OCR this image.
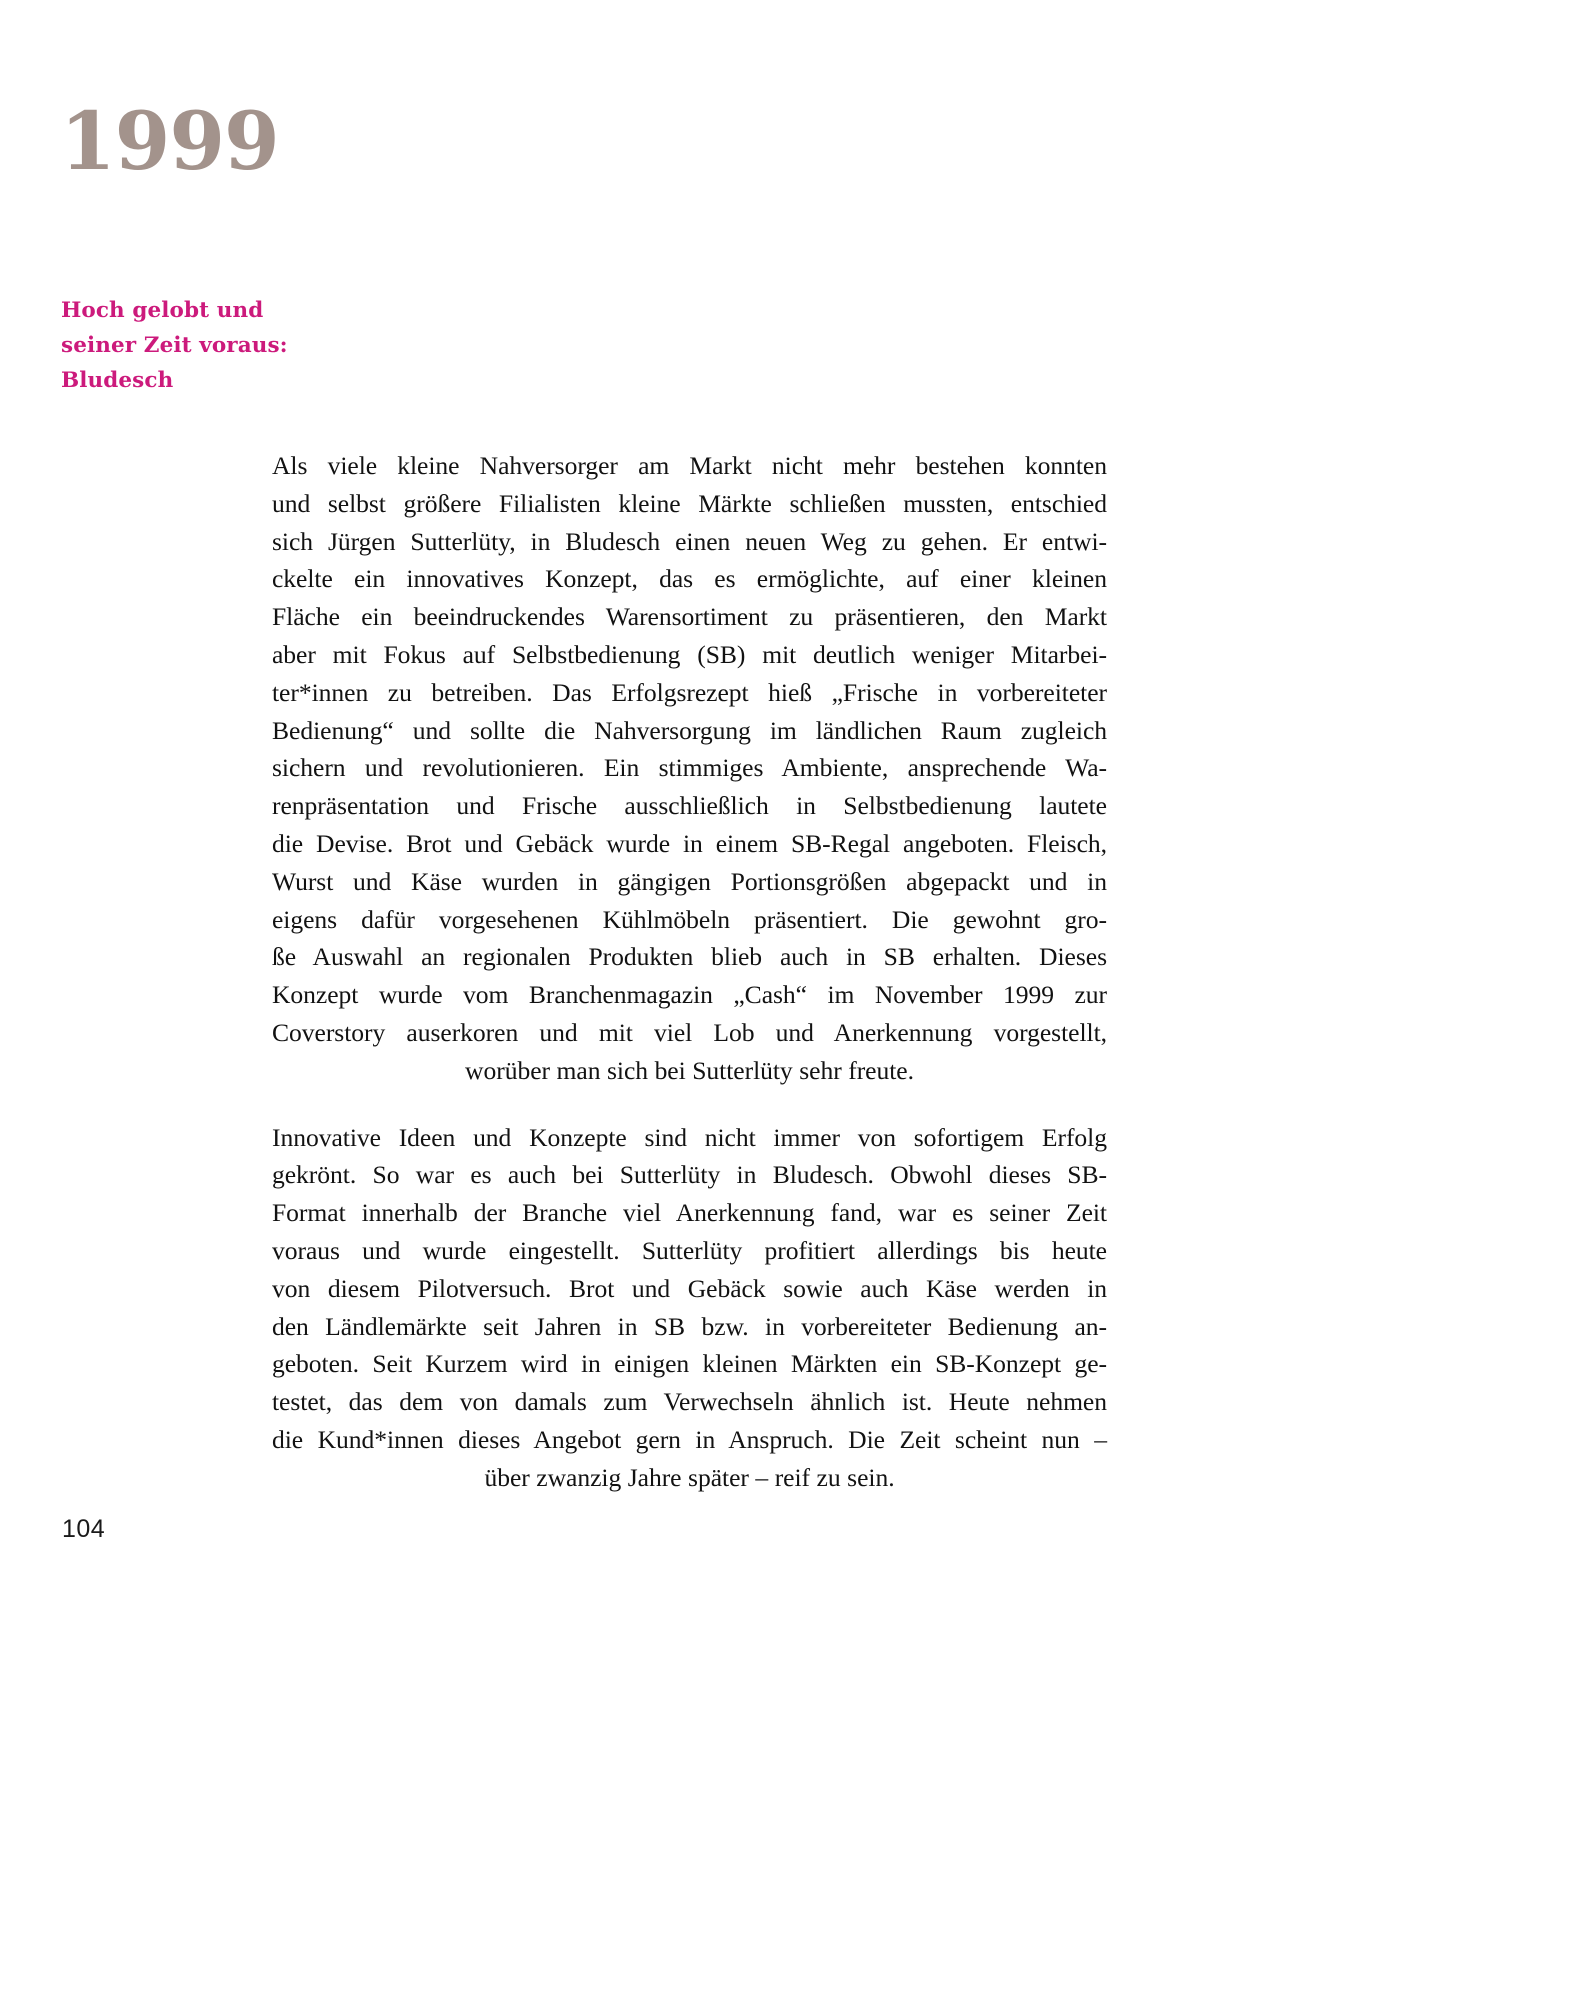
1999
Hoch gelobt und
seiner Zeit voraus:
Bludesch
104

Als viele kleine Nahversorger am Markt nicht mehr bestehen konnten
und selbst größere Filialisten kleine Märkte schließen mussten, entschied
sich Jürgen Sutterlüty, in Bludesch einen neuen Weg zu gehen. Er entwi-
ckelte ein innovatives Konzept, das es ermöglichte, auf einer kleinen
Fläche ein beeindruckendes Warensortiment zu präsentieren, den Markt
aber mit Fokus auf Selbstbedienung (SB) mit deutlich weniger Mitarbei-
ter*innen zu betreiben. Das Erfolgsrezept hieß „Frische in vorbereiteter
Bedienung“ und sollte die Nahversorgung im ländlichen Raum zugleich
sichern und revolutionieren. Ein stimmiges Ambiente, ansprechende Wa-
renpräsentation und Frische ausschließlich in Selbstbedienung lautete
die Devise. Brot und Gebäck wurde in einem SB-Regal angeboten. Fleisch,
Wurst und Käse wurden in gängigen Portionsgrößen abgepackt und in
eigens dafür vorgesehenen Kühlmöbeln präsentiert. Die gewohnt gro-
ße Auswahl an regionalen Produkten blieb auch in SB erhalten. Dieses
Konzept wurde vom Branchenmagazin „Cash“ im November 1999 zur
Coverstory auserkoren und mit viel Lob und Anerkennung vorgestellt,
worüber man sich bei Sutterlüty sehr freute.

Innovative Ideen und Konzepte sind nicht immer von sofortigem Erfolg
gekrönt. So war es auch bei Sutterlüty in Bludesch. Obwohl dieses SB-
Format innerhalb der Branche viel Anerkennung fand, war es seiner Zeit
voraus und wurde eingestellt. Sutterlüty profitiert allerdings bis heute
von diesem Pilotversuch. Brot und Gebäck sowie auch Käse werden in
den Ländlemärkte seit Jahren in SB bzw. in vorbereiteter Bedienung an-
geboten. Seit Kurzem wird in einigen kleinen Märkten ein SB-Konzept ge-
testet, das dem von damals zum Verwechseln ähnlich ist. Heute nehmen
die Kund*innen dieses Angebot gern in Anspruch. Die Zeit scheint nun –
über zwanzig Jahre später – reif zu sein.
